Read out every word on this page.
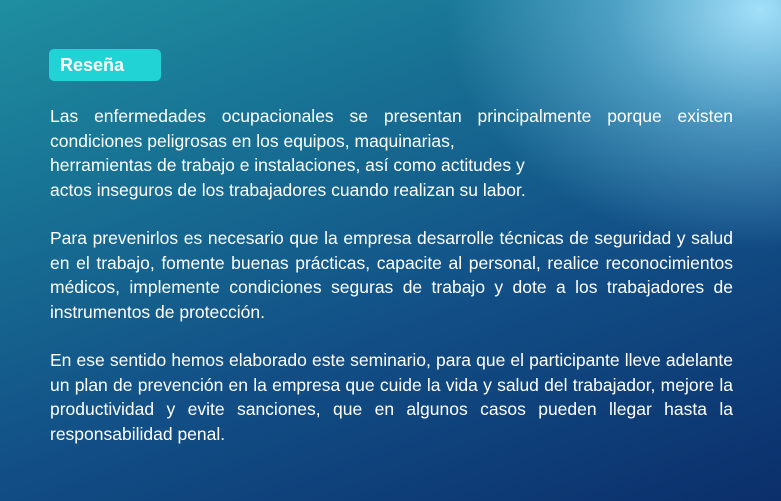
Reseña

Las enfermedades ocupacionales se presentan principalmente porque existen condiciones peligrosas en los equipos, maquinarias,
herramientas de trabajo e instalaciones, así como actitudes y
actos inseguros de los trabajadores cuando realizan su labor.

Para prevenirlos es necesario que la empresa desarrolle técnicas de seguridad y salud en el trabajo, fomente buenas prácticas, capacite al personal, realice reconocimientos médicos, implemente condiciones seguras de trabajo y dote a los trabajadores de instrumentos de protección.

En ese sentido hemos elaborado este seminario, para que el participante lleve adelante un plan de prevención en la empresa que cuide la vida y salud del trabajador, mejore la productividad y evite sanciones, que en algunos casos pueden llegar hasta la responsabilidad penal.
